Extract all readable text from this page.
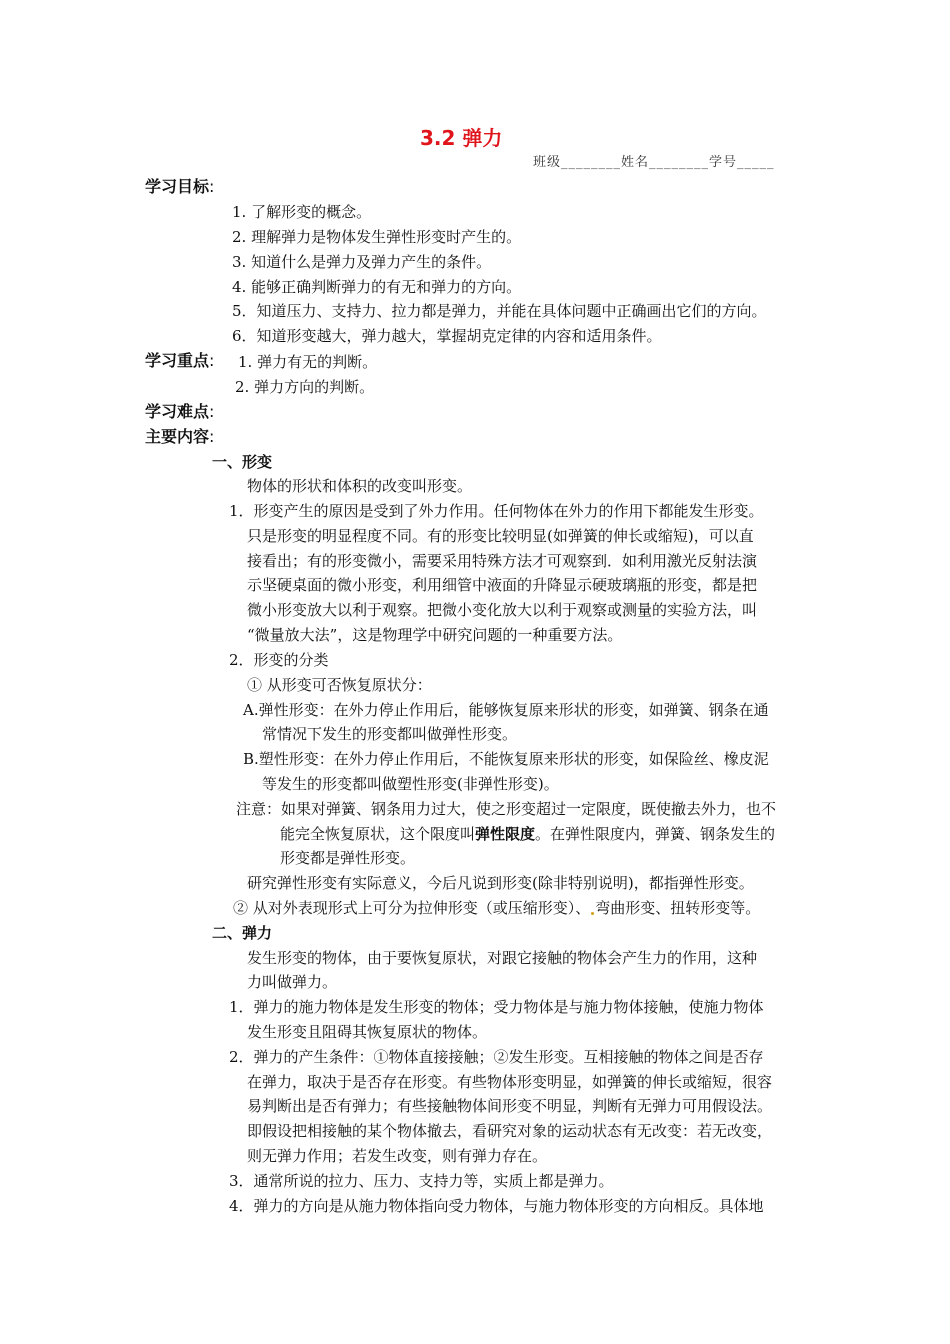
3.2 弹力
班级________姓名________学号_____
学习目标:
1. 了解形变的概念。
2. 理解弹力是物体发生弹性形变时产生的。
3. 知道什么是弹力及弹力产生的条件。
4. 能够正确判断弹力的有无和弹力的方向。
5．知道压力、支持力、拉力都是弹力，并能在具体问题中正确画出它们的方向。
6．知道形变越大，弹力越大，掌握胡克定律的内容和适用条件。
学习重点: 1. 弹力有无的判断。
2. 弹力方向的判断。
学习难点:
主要内容:
一、形变
物体的形状和体积的改变叫形变。
1．形变产生的原因是受到了外力作用。任何物体在外力的作用下都能发生形变。
只是形变的明显程度不同。有的形变比较明显(如弹簧的伸长或缩短)，可以直
接看出；有的形变微小，需要采用特殊方法才可观察到．如利用激光反射法演
示坚硬桌面的微小形变，利用细管中液面的升降显示硬玻璃瓶的形变，都是把
微小形变放大以利于观察。把微小变化放大以利于观察或测量的实验方法，叫
“微量放大法”，这是物理学中研究问题的一种重要方法。
2．形变的分类
① 从形变可否恢复原状分：
A.弹性形变：在外力停止作用后，能够恢复原来形状的形变，如弹簧、钢条在通
常情况下发生的形变都叫做弹性形变。
B.塑性形变：在外力停止作用后，不能恢复原来形状的形变，如保险丝、橡皮泥
等发生的形变都叫做塑性形变(非弹性形变)。
注意：如果对弹簧、钢条用力过大，使之形变超过一定限度，既使撤去外力，也不
能完全恢复原状，这个限度叫弹性限度。在弹性限度内，弹簧、钢条发生的
形变都是弹性形变。
研究弹性形变有实际意义，今后凡说到形变(除非特别说明)，都指弹性形变。
② 从对外表现形式上可分为拉伸形变（或压缩形变）、 弯曲形变、扭转形变等。
二、弹力
发生形变的物体，由于要恢复原状，对跟它接触的物体会产生力的作用，这种
力叫做弹力。
1．弹力的施力物体是发生形变的物体；受力物体是与施力物体接触，使施力物体
发生形变且阻碍其恢复原状的物体。
2．弹力的产生条件：①物体直接接触；②发生形变。互相接触的物体之间是否存
在弹力，取决于是否存在形变。有些物体形变明显，如弹簧的伸长或缩短，很容
易判断出是否有弹力；有些接触物体间形变不明显，判断有无弹力可用假设法。
即假设把相接触的某个物体撤去，看研究对象的运动状态有无改变：若无改变，
则无弹力作用；若发生改变，则有弹力存在。
3．通常所说的拉力、压力、支持力等，实质上都是弹力。
4．弹力的方向是从施力物体指向受力物体，与施力物体形变的方向相反。具体地
